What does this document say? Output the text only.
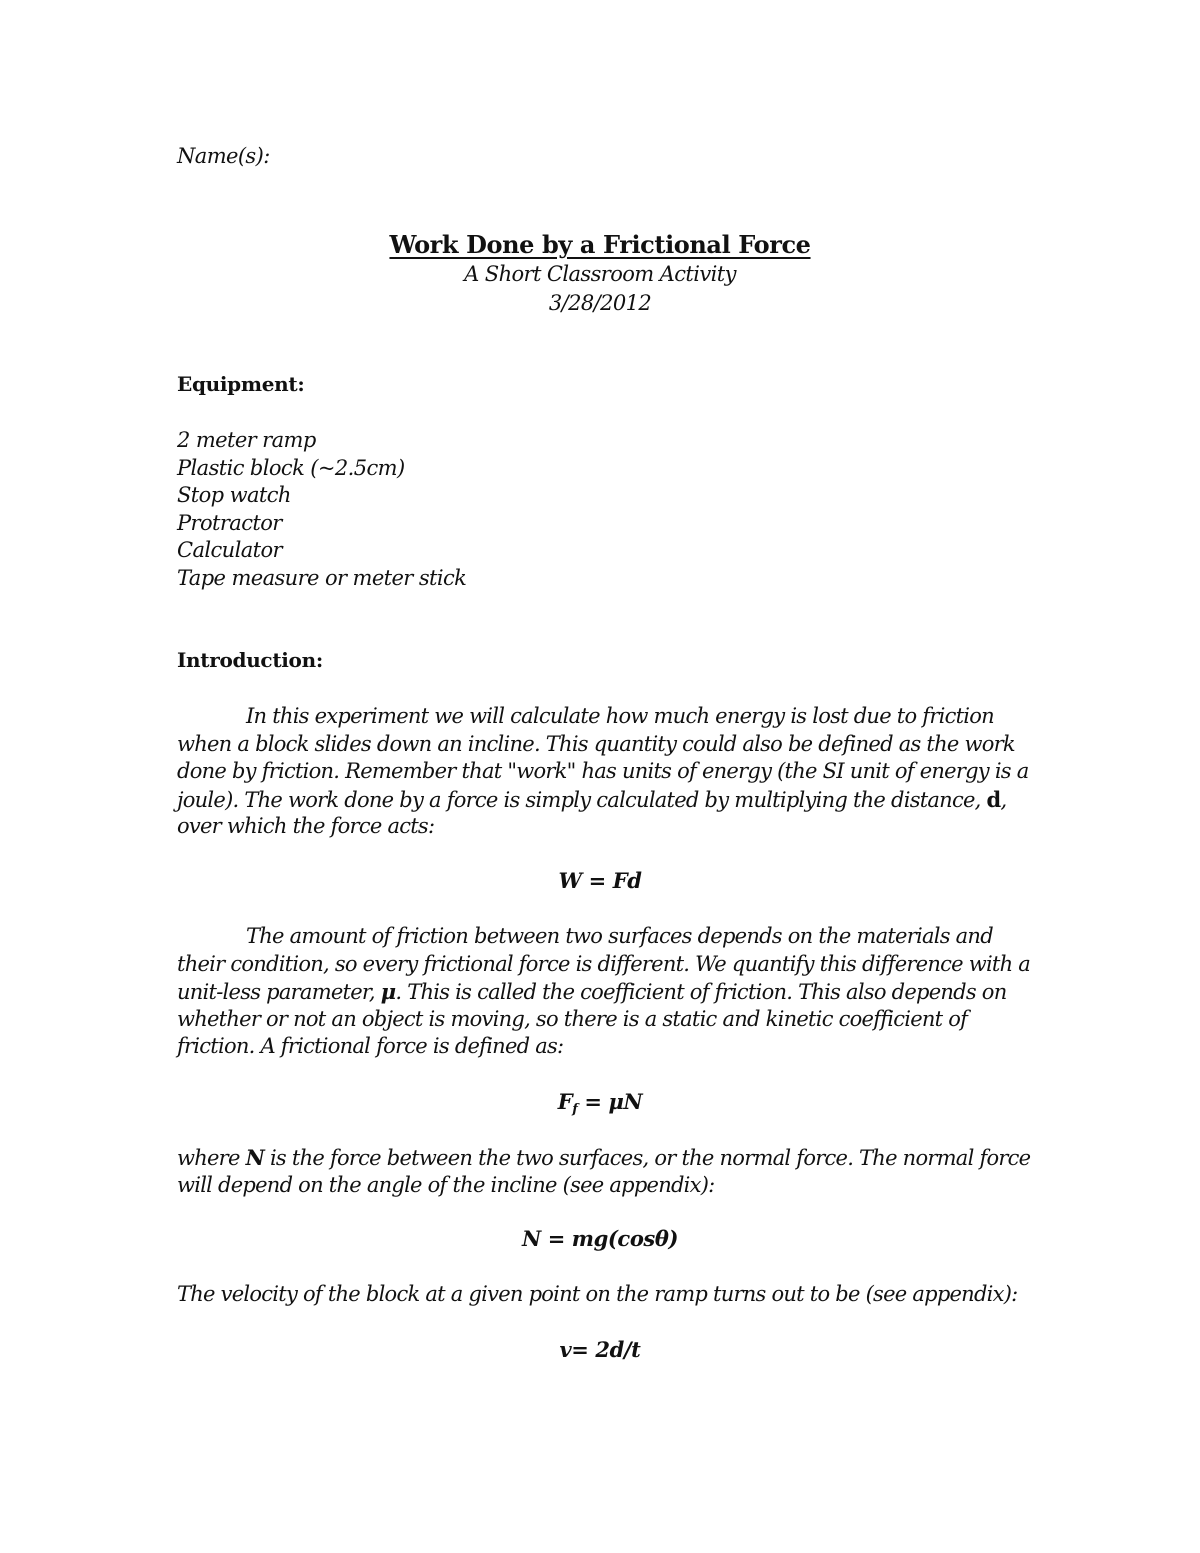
Name(s):
Work Done by a Frictional Force
A Short Classroom Activity
3/28/2012
Equipment:
2 meter ramp
Plastic block (~2.5cm)
Stop watch
Protractor
Calculator
Tape measure or meter stick
Introduction:
In this experiment we will calculate how much energy is lost due to friction
when a block slides down an incline. This quantity could also be defined as the work
done by friction. Remember that "work" has units of energy (the SI unit of energy is a
joule). The work done by a force is simply calculated by multiplying the distance, d,
over which the force acts:
W = Fd
The amount of friction between two surfaces depends on the materials and
their condition, so every frictional force is different. We quantify this difference with a
unit-less parameter, μ. This is called the coefficient of friction. This also depends on
whether or not an object is moving, so there is a static and kinetic coefficient of
friction. A frictional force is defined as:
$F_f = \mu N$
where N is the force between the two surfaces, or the normal force. The normal force
will depend on the angle of the incline (see appendix):
N = mg(cosθ)
The velocity of the block at a given point on the ramp turns out to be (see appendix):
v= 2d/t
